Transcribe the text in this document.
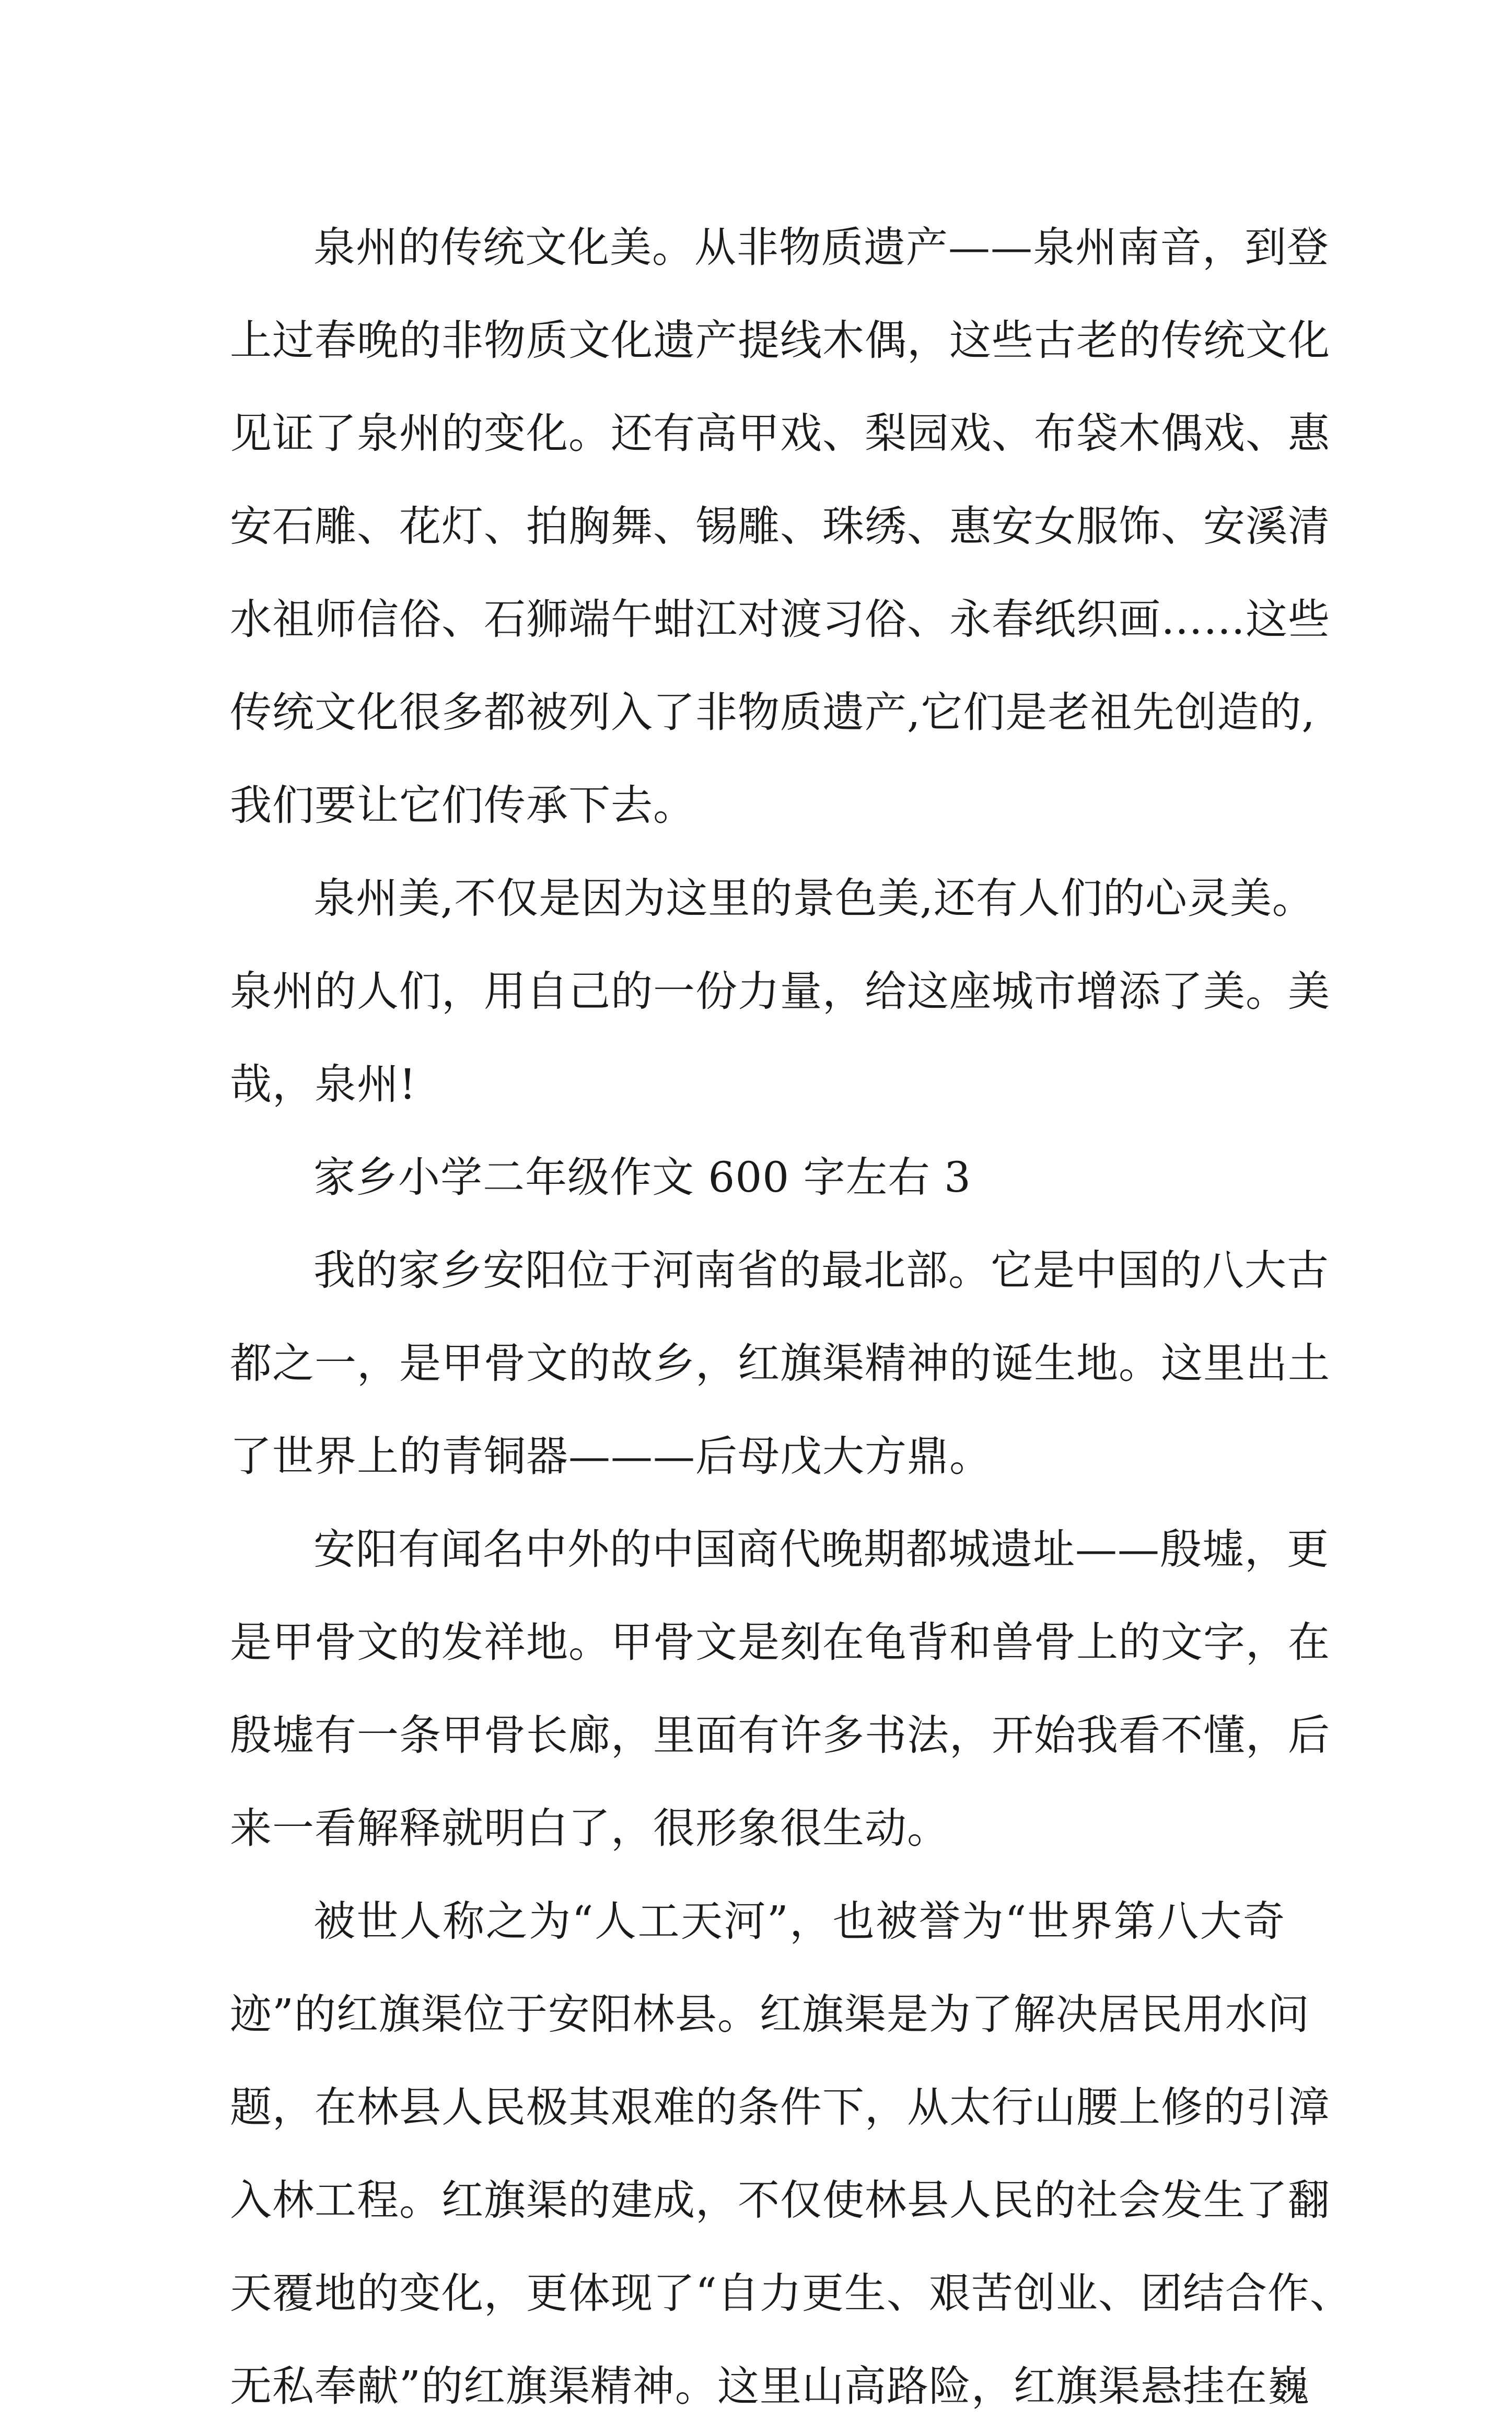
泉州的传统文化美。从非物质遗产——泉州南音，到登
上过春晚的非物质文化遗产提线木偶，这些古老的传统文化
见证了泉州的变化。还有高甲戏、梨园戏、布袋木偶戏、惠
安石雕、花灯、拍胸舞、锡雕、珠绣、惠安女服饰、安溪清
水祖师信俗、石狮端午蚶江对渡习俗、永春纸织画……这些
传统文化很多都被列入了非物质遗产,它们是老祖先创造的,
我们要让它们传承下去。
泉州美,不仅是因为这里的景色美,还有人们的心灵美。
泉州的人们，用自己的一份力量，给这座城市增添了美。美
哉，泉州!
家乡小学二年级作文 600 字左右 3
我的家乡安阳位于河南省的最北部。它是中国的八大古
都之一，是甲骨文的故乡，红旗渠精神的诞生地。这里出土
了世界上的青铜器———后母戊大方鼎。
安阳有闻名中外的中国商代晚期都城遗址——殷墟，更
是甲骨文的发祥地。甲骨文是刻在龟背和兽骨上的文字，在
殷墟有一条甲骨长廊，里面有许多书法，开始我看不懂，后
来一看解释就明白了，很形象很生动。
被世人称之为“人工天河”，也被誉为“世界第八大奇
迹”的红旗渠位于安阳林县。红旗渠是为了解决居民用水问
题，在林县人民极其艰难的条件下，从太行山腰上修的引漳
入林工程。红旗渠的建成，不仅使林县人民的社会发生了翻
天覆地的变化，更体现了“自力更生、艰苦创业、团结合作、
无私奉献”的红旗渠精神。这里山高路险，红旗渠悬挂在巍
